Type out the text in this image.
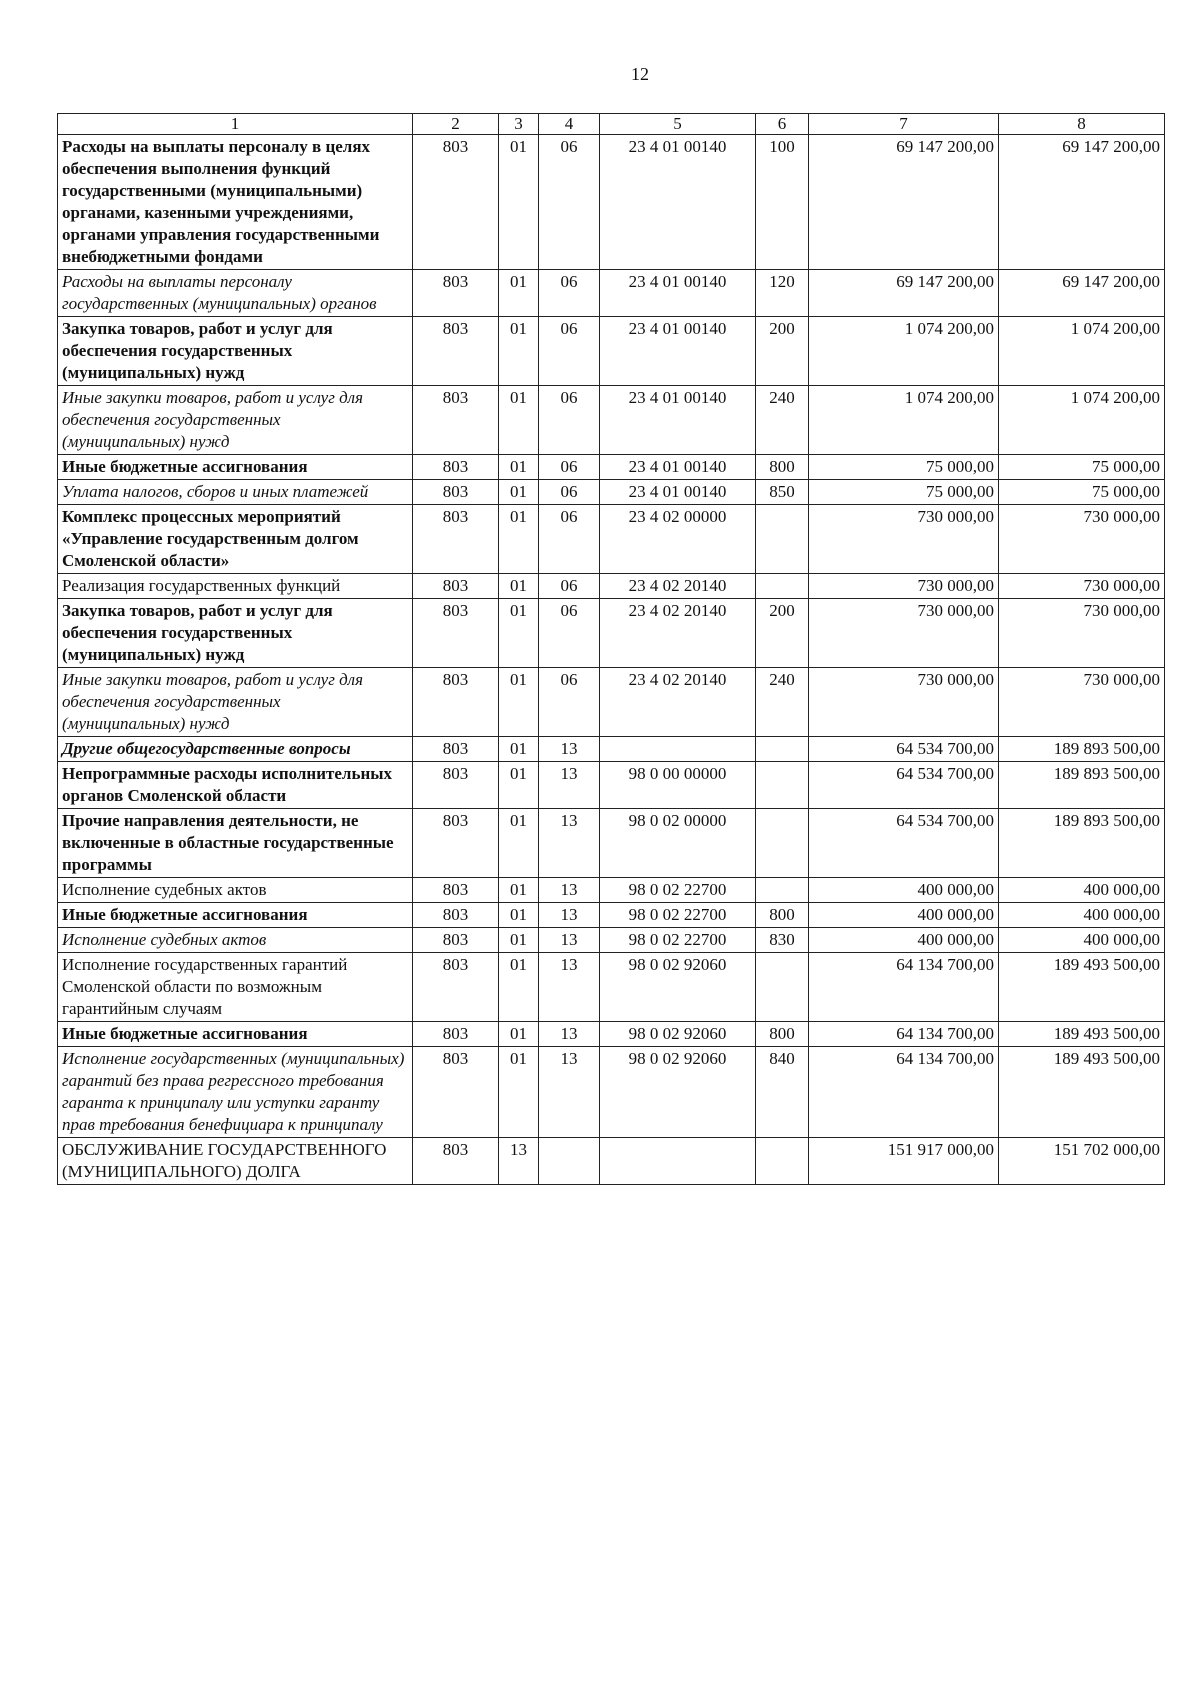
12
1	2	3	4	5	6	7	8
Расходы на выплаты персоналу в целях обеспечения выполнения функций государственными (муниципальными) органами, казенными учреждениями, органами управления государственными внебюджетными фондами	803	01	06	23 4 01 00140	100	69 147 200,00	69 147 200,00
Расходы на выплаты персоналу государственных (муниципальных) органов	803	01	06	23 4 01 00140	120	69 147 200,00	69 147 200,00
Закупка товаров, работ и услуг для обеспечения государственных (муниципальных) нужд	803	01	06	23 4 01 00140	200	1 074 200,00	1 074 200,00
Иные закупки товаров, работ и услуг для обеспечения государственных (муниципальных) нужд	803	01	06	23 4 01 00140	240	1 074 200,00	1 074 200,00
Иные бюджетные ассигнования	803	01	06	23 4 01 00140	800	75 000,00	75 000,00
Уплата налогов, сборов и иных платежей	803	01	06	23 4 01 00140	850	75 000,00	75 000,00
Комплекс процессных мероприятий «Управление государственным долгом Смоленской области»	803	01	06	23 4 02 00000		730 000,00	730 000,00
Реализация государственных функций	803	01	06	23 4 02 20140		730 000,00	730 000,00
Закупка товаров, работ и услуг для обеспечения государственных (муниципальных) нужд	803	01	06	23 4 02 20140	200	730 000,00	730 000,00
Иные закупки товаров, работ и услуг для обеспечения государственных (муниципальных) нужд	803	01	06	23 4 02 20140	240	730 000,00	730 000,00
Другие общегосударственные вопросы	803	01	13			64 534 700,00	189 893 500,00
Непрограммные расходы исполнительных органов Смоленской области	803	01	13	98 0 00 00000		64 534 700,00	189 893 500,00
Прочие направления деятельности, не включенные в областные государственные программы	803	01	13	98 0 02 00000		64 534 700,00	189 893 500,00
Исполнение судебных актов	803	01	13	98 0 02 22700		400 000,00	400 000,00
Иные бюджетные ассигнования	803	01	13	98 0 02 22700	800	400 000,00	400 000,00
Исполнение судебных актов	803	01	13	98 0 02 22700	830	400 000,00	400 000,00
Исполнение государственных гарантий Смоленской области по возможным гарантийным случаям	803	01	13	98 0 02 92060		64 134 700,00	189 493 500,00
Иные бюджетные ассигнования	803	01	13	98 0 02 92060	800	64 134 700,00	189 493 500,00
Исполнение государственных (муниципальных) гарантий без права регрессного требования гаранта к принципалу или уступки гаранту прав требования бенефициара к принципалу	803	01	13	98 0 02 92060	840	64 134 700,00	189 493 500,00
ОБСЛУЖИВАНИЕ ГОСУДАРСТВЕННОГО (МУНИЦИПАЛЬНОГО) ДОЛГА	803	13				151 917 000,00	151 702 000,00
